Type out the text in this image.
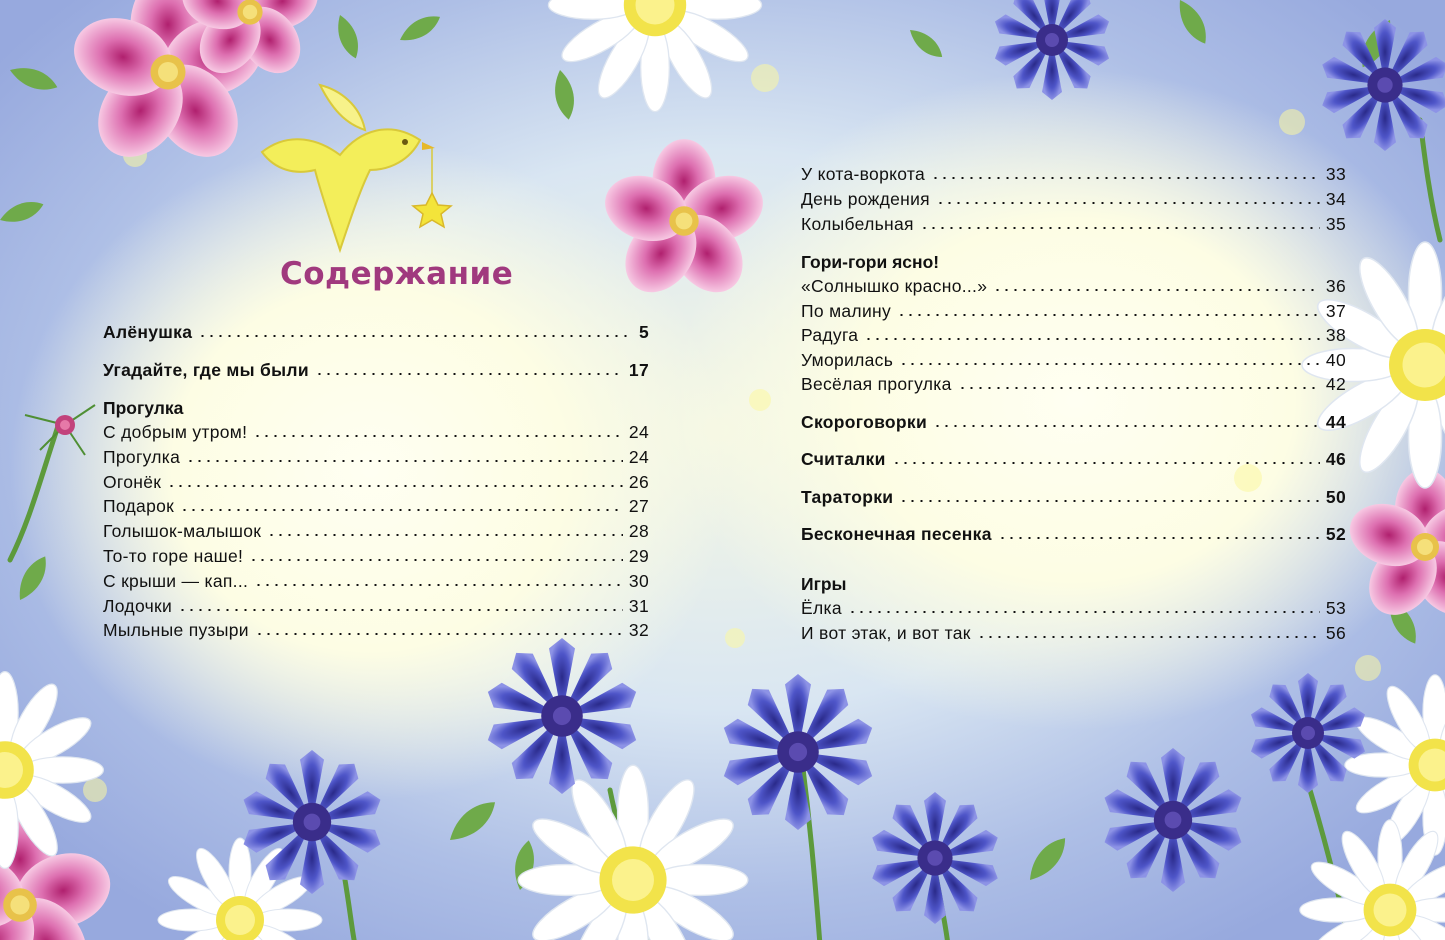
Содержание
Алёнушка	5
Угадайте, где мы были	17
Прогулка
С добрым утром!	24
Прогулка	24
Огонёк	26
Подарок	27
Голышок-малышок	28
То-то горе наше!	29
С крыши — кап...	30
Лодочки	31
Мыльные пузыри	32
У кота-воркота	33
День рождения	34
Колыбельная	35
Гори-гори ясно!
«Солнышко красно...»	36
По малину	37
Радуга	38
Уморилась	40
Весёлая прогулка	42
Скороговорки	44
Считалки	46
Тараторки	50
Бесконечная песенка	52
Игры
Ёлка	53
И вот этак, и вот так	56
